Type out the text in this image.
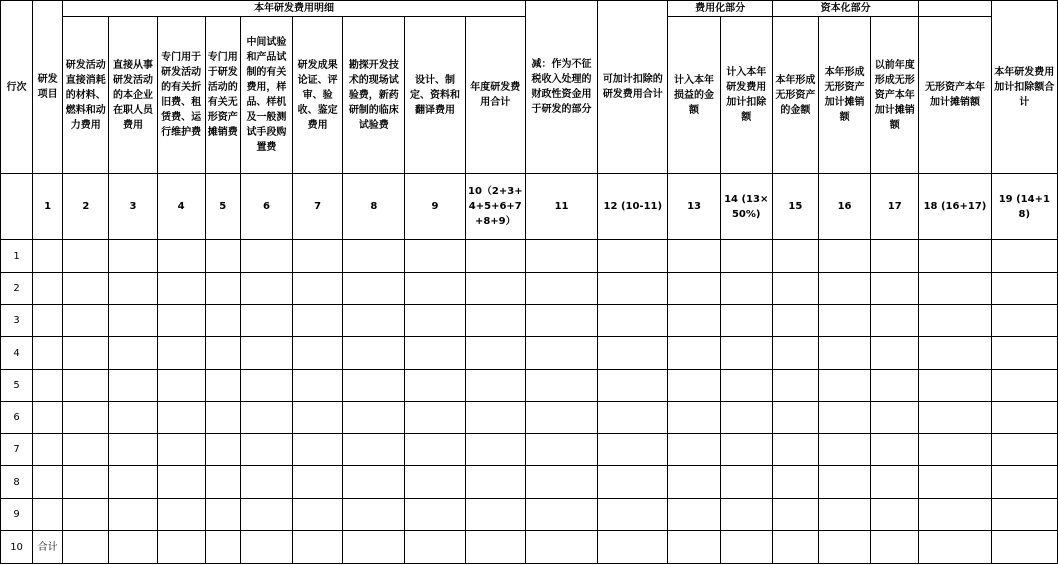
行次	研发项目	本年研发费用明细									减：作为不征税收入处理的财政性资金用于研发的部分	可加计扣除的研发费用合计	费用化部分		资本化部分				本年研发费用加计扣除额合计
		研发活动直接消耗的材料、燃料和动力费用	直接从事研发活动的本企业在职人员费用	专门用于研发活动的有关折旧费、租赁费、运行维护费	专门用于研发活动的有关无形资产摊销费	中间试验和产品试制的有关费用，样品、样机及一般测试手段购置费	研发成果论证、评审、验收、鉴定费用	勘探开发技术的现场试验费，新药研制的临床试验费	设计、制定、资料和翻译费用	年度研发费用合计			计入本年损益的金额	计入本年研发费用加计扣除额	本年形成无形资产的金额	本年形成无形资产加计摊销额	以前年度形成无形资产本年加计摊销额	无形资产本年加计摊销额	
	1	2	3	4	5	6	7	8	9	10（2+3+4+5+6+7+8+9）	11	12 (10-11)	13	14 (13×50%)	15	16	17	18 (16+17)	19 (14+18)
1																			
2																			
3																			
4																			
5																			
6																			
7																			
8																			
9																			
10	合计																		
